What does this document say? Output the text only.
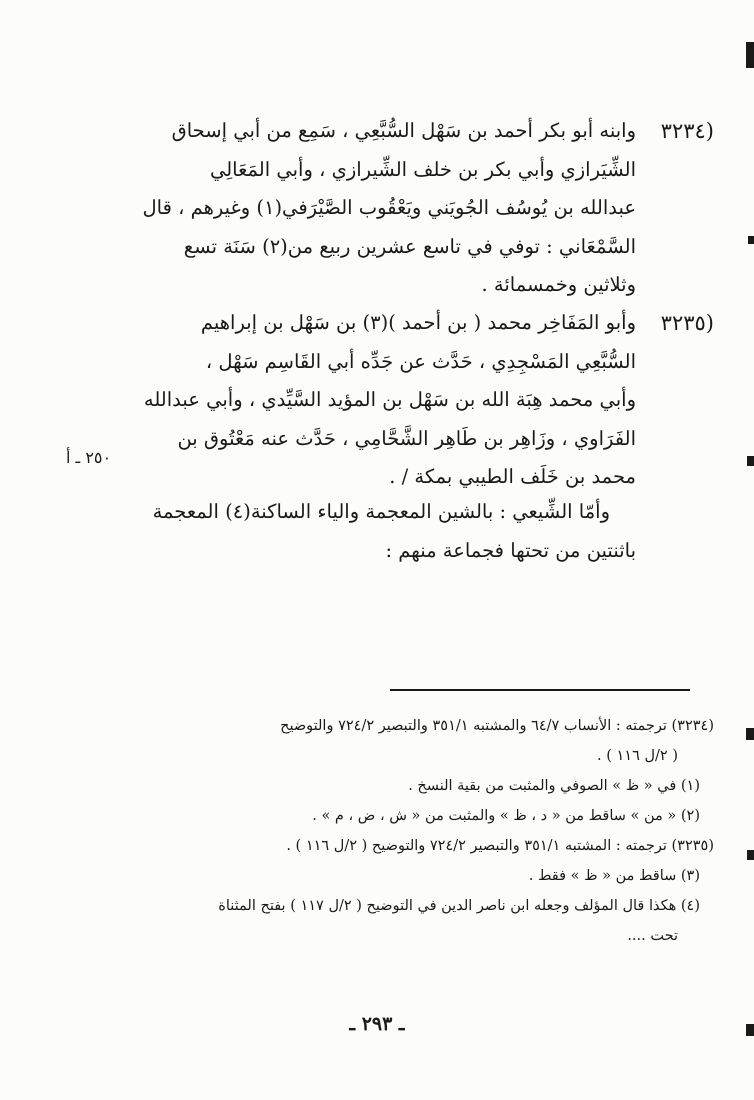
(٣٢٣٤

وابنه أبو بكر أحمد بن سَهْل السُّبَّعِي ، سَمِع من أبي إسحاق

الشِّيَرازي وأبي بكر بن خلف الشِّيرازي ، وأبي المَعَالِي

عبدالله بن يُوسُف الجُويَني ويَعْقُوب الصَّيْرَفي(١) وغيرهم ، قال

السَّمْعَاني : توفي في تاسع عشرين ربيع من(٢) سَنَة تسع

وثلاثين وخمسمائة .

(٣٢٣٥

وأبو المَفَاخِر محمد ( بن أحمد )(٣) بن سَهْل بن إبراهيم

السُّبَّعِي المَسْجِدِي ، حَدَّث عن جَدِّه أبي القَاسِم سَهْل ،

وأبي محمد هِبَة الله بن سَهْل بن المؤيد السَّيِّدي ، وأبي عبدالله

الفَرَاوي ، وزَاهِر بن طَاهِر الشَّحَّامِي ، حَدَّث عنه مَعْتُوق بن

محمد بن خَلَف الطيبي بمكة / .

٢٥٠ ـ أ

وأمّا الشِّيعي : بالشين المعجمة والياء الساكنة(٤) المعجمة

باثنتين من تحتها فجماعة منهم :

(٣٢٣٤) ترجمته : الأنساب ٦٤/٧ والمشتبه ٣٥١/١ والتبصير ٧٢٤/٢ والتوضيح
( ٢/ل ١١٦ ) .
(١) في « ظ » الصوفي والمثبت من بقية النسخ .
(٢) « من » ساقط من « د ، ظ » والمثبت من « ش ، ض ، م » .
(٣٢٣٥) ترجمته : المشتبه ٣٥١/١ والتبصير ٧٢٤/٢ والتوضيح ( ٢/ل ١١٦ ) .
(٣) ساقط من « ظ » فقط .
(٤) هكذا قال المؤلف وجعله ابن ناصر الدين في التوضيح ( ٢/ل ١١٧ ) بفتح المثناة
تحت ....
ـ ٢٩٣ ـ
